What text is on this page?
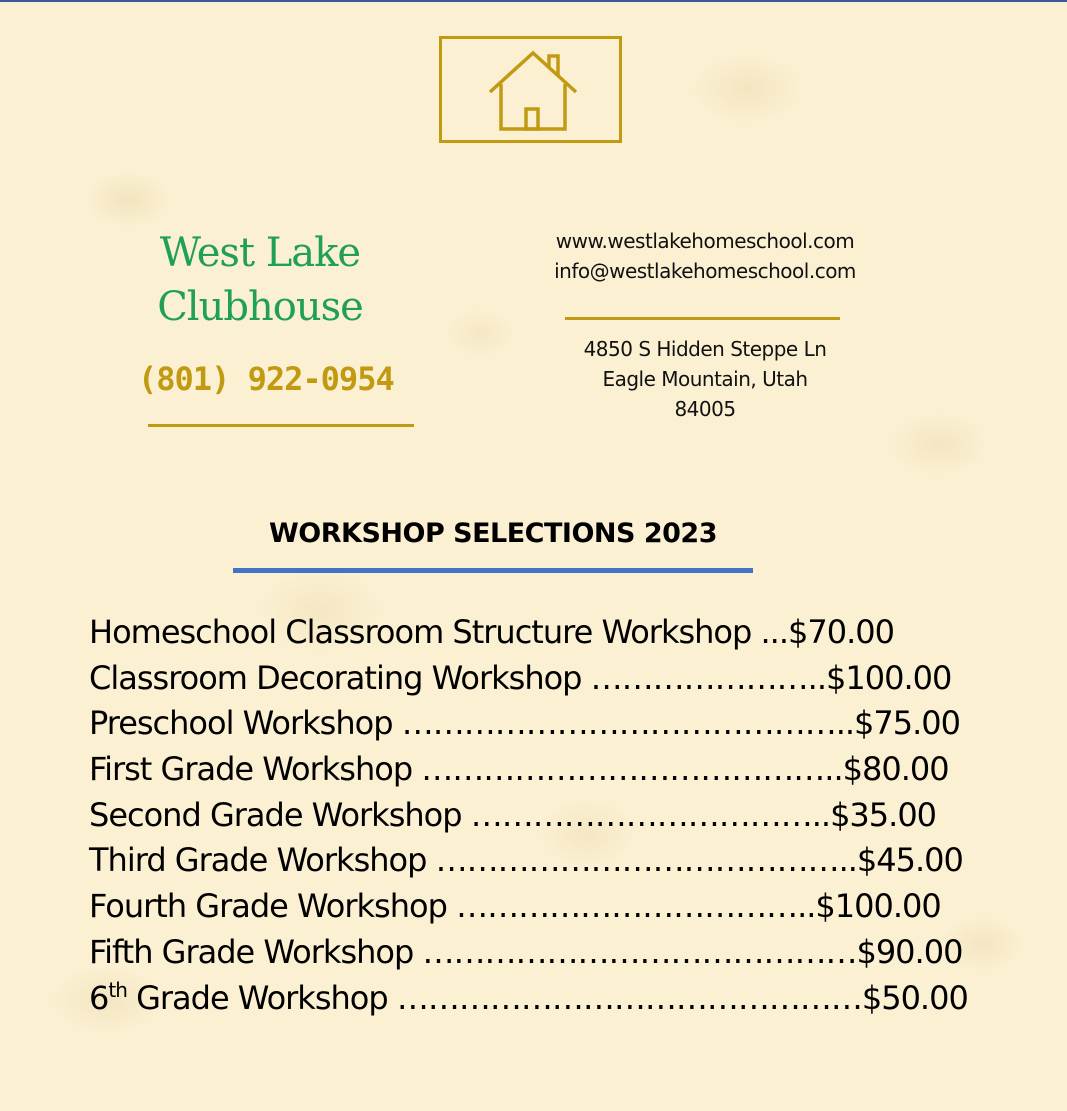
West Lake
Clubhouse
(801) 922-0954
www.westlakehomeschool.com
info@westlakehomeschool.com
4850 S Hidden Steppe Ln
Eagle Mountain, Utah
84005
WORKSHOP SELECTIONS 2023
Homeschool Classroom Structure Workshop ...$70.00
Classroom Decorating Workshop …………………..$100.00
Preschool Workshop ……………………………………..$75.00
First Grade Workshop …………………………………..$80.00
Second Grade Workshop ……………………………..$35.00
Third Grade Workshop …………………………………..$45.00
Fourth Grade Workshop ……………………………..$100.00
Fifth Grade Workshop ……………………………………$90.00
6th Grade Workshop ………………………………………$50.00
